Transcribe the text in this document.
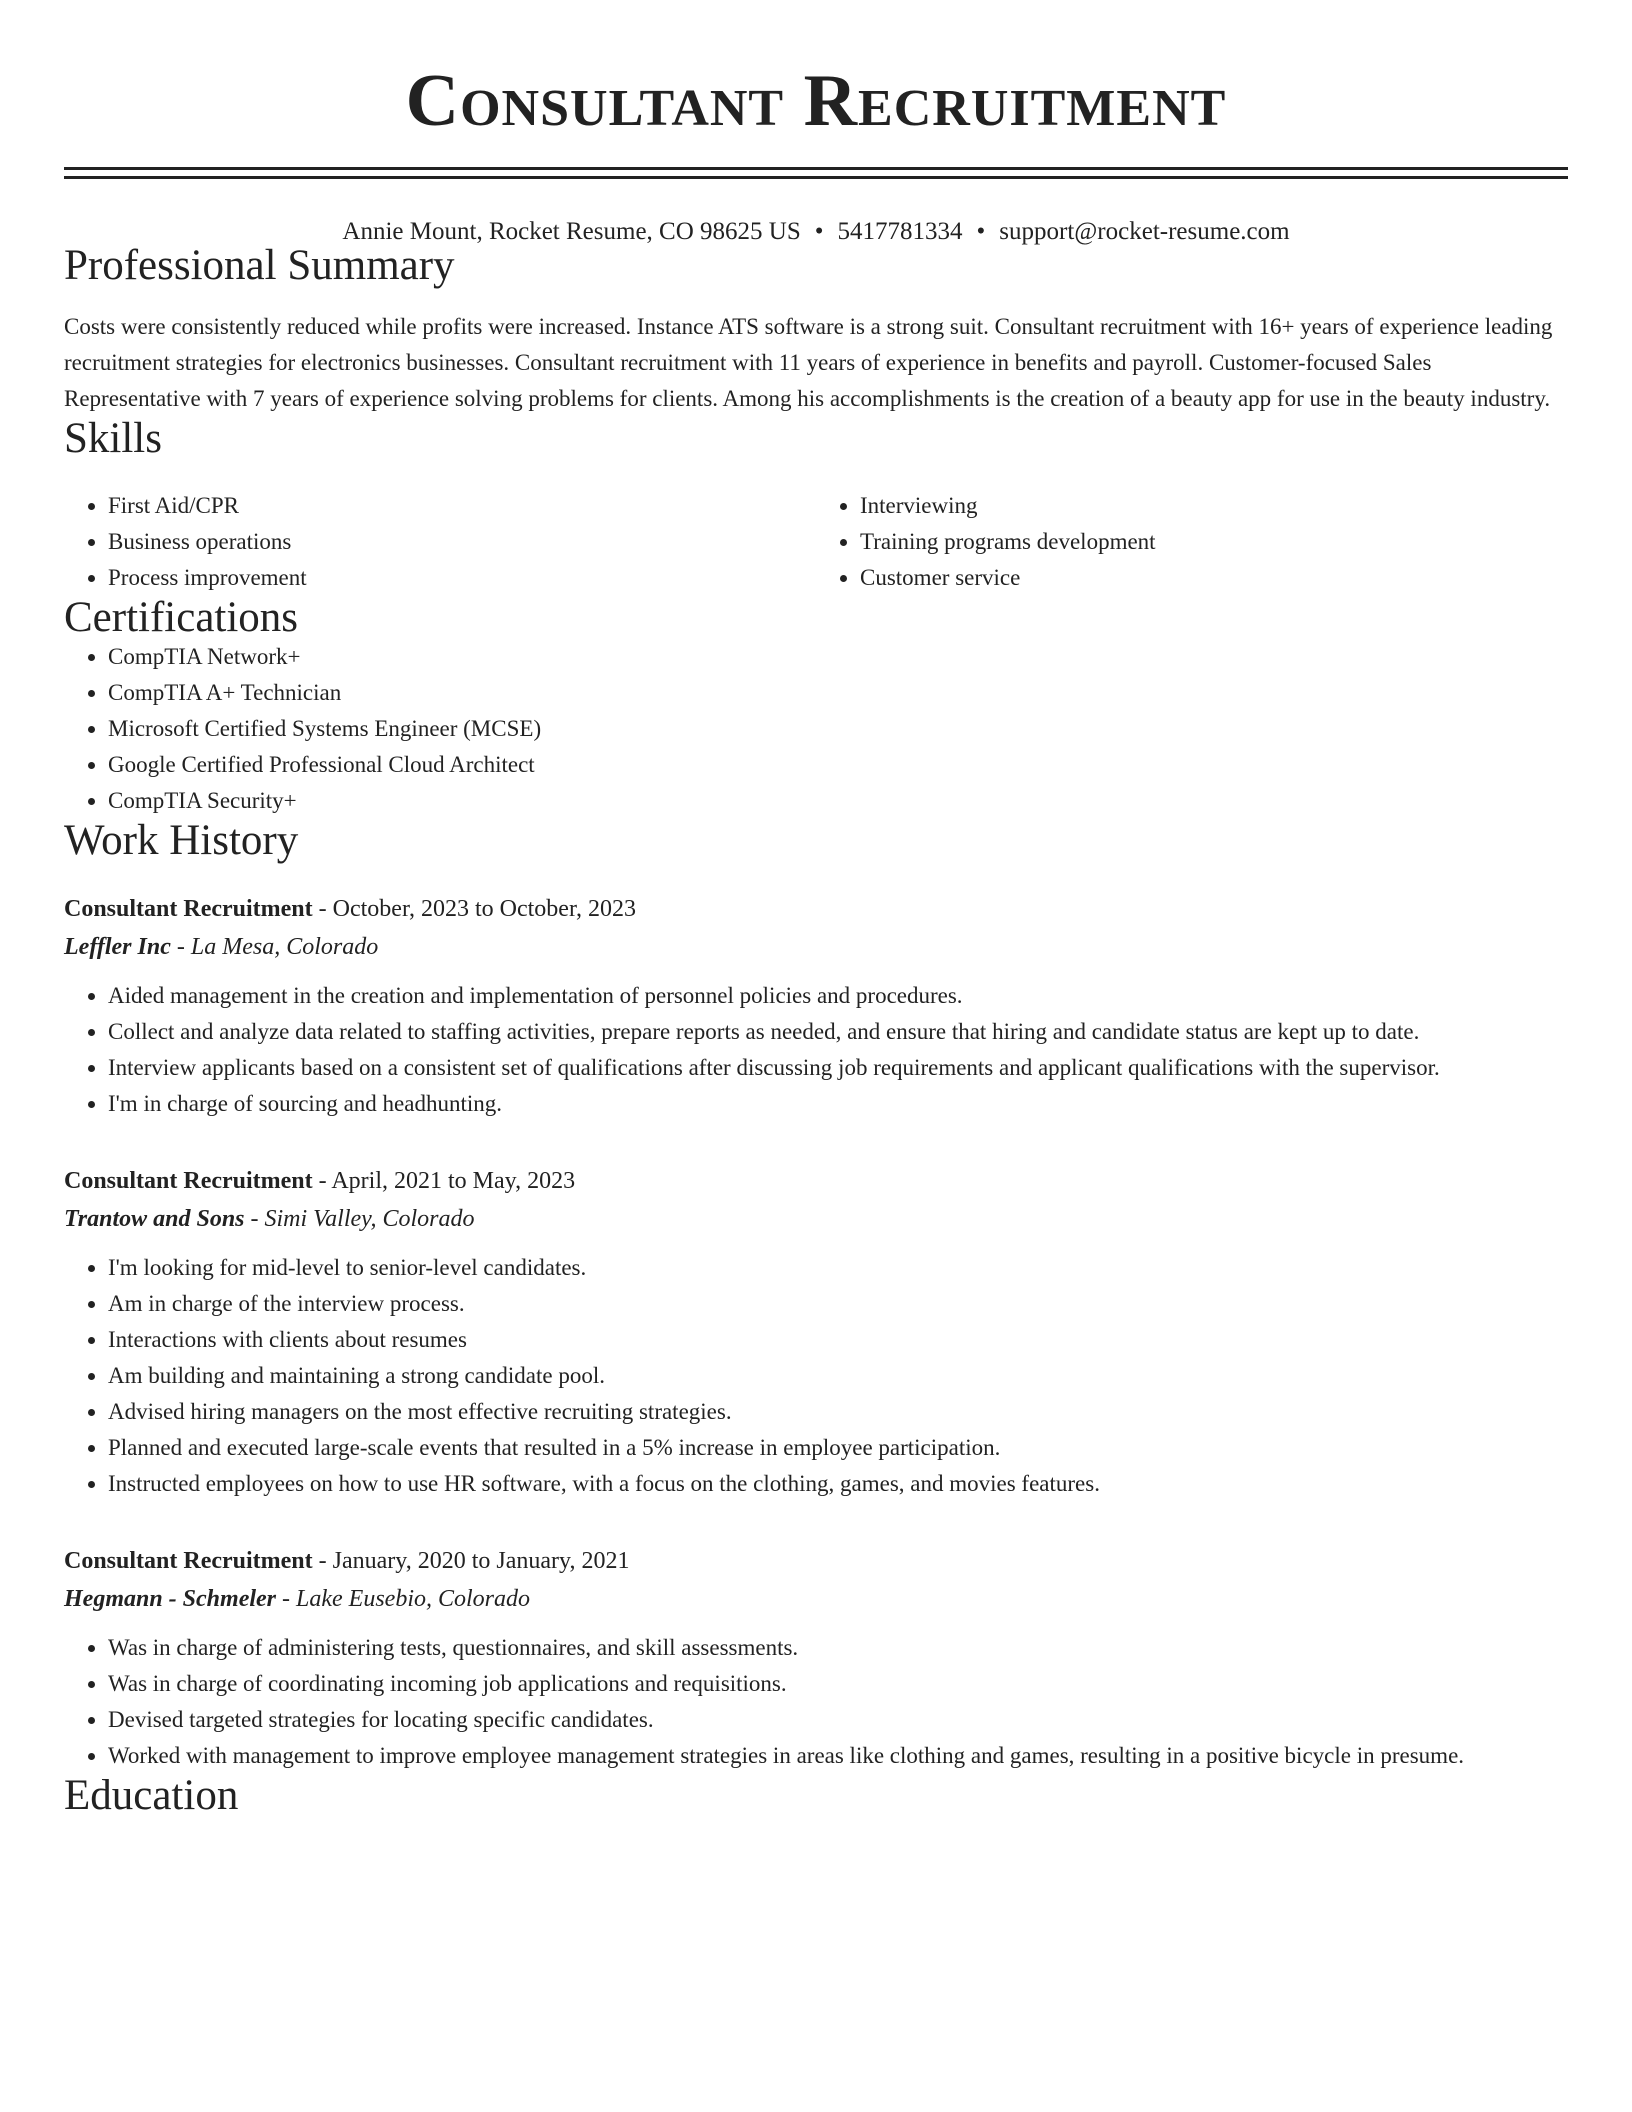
Consultant Recruitment
Annie Mount, Rocket Resume, CO 98625 US • 5417781334 • support@rocket-resume.com
Professional Summary

Costs were consistently reduced while profits were increased. Instance ATS software is a strong suit. Consultant recruitment with 16+ years of experience leading recruitment strategies for electronics businesses. Consultant recruitment with 11 years of experience in benefits and payroll. Customer-focused Sales Representative with 7 years of experience solving problems for clients. Among his accomplishments is the creation of a beauty app for use in the beauty industry.

Skills
• First Aid/CPR
• Business operations
• Process improvement
• Interviewing
• Training programs development
• Customer service
Certifications
• CompTIA Network+
• CompTIA A+ Technician
• Microsoft Certified Systems Engineer (MCSE)
• Google Certified Professional Cloud Architect
• CompTIA Security+
Work History
Consultant Recruitment - October, 2023 to October, 2023
Leffler Inc - La Mesa, Colorado
• Aided management in the creation and implementation of personnel policies and procedures.
• Collect and analyze data related to staffing activities, prepare reports as needed, and ensure that hiring and candidate status are kept up to date.
• Interview applicants based on a consistent set of qualifications after discussing job requirements and applicant qualifications with the supervisor.
• I'm in charge of sourcing and headhunting.
Consultant Recruitment - April, 2021 to May, 2023
Trantow and Sons - Simi Valley, Colorado
• I'm looking for mid-level to senior-level candidates.
• Am in charge of the interview process.
• Interactions with clients about resumes
• Am building and maintaining a strong candidate pool.
• Advised hiring managers on the most effective recruiting strategies.
• Planned and executed large-scale events that resulted in a 5% increase in employee participation.
• Instructed employees on how to use HR software, with a focus on the clothing, games, and movies features.
Consultant Recruitment - January, 2020 to January, 2021
Hegmann - Schmeler - Lake Eusebio, Colorado
• Was in charge of administering tests, questionnaires, and skill assessments.
• Was in charge of coordinating incoming job applications and requisitions.
• Devised targeted strategies for locating specific candidates.
• Worked with management to improve employee management strategies in areas like clothing and games, resulting in a positive bicycle in presume.
Education
